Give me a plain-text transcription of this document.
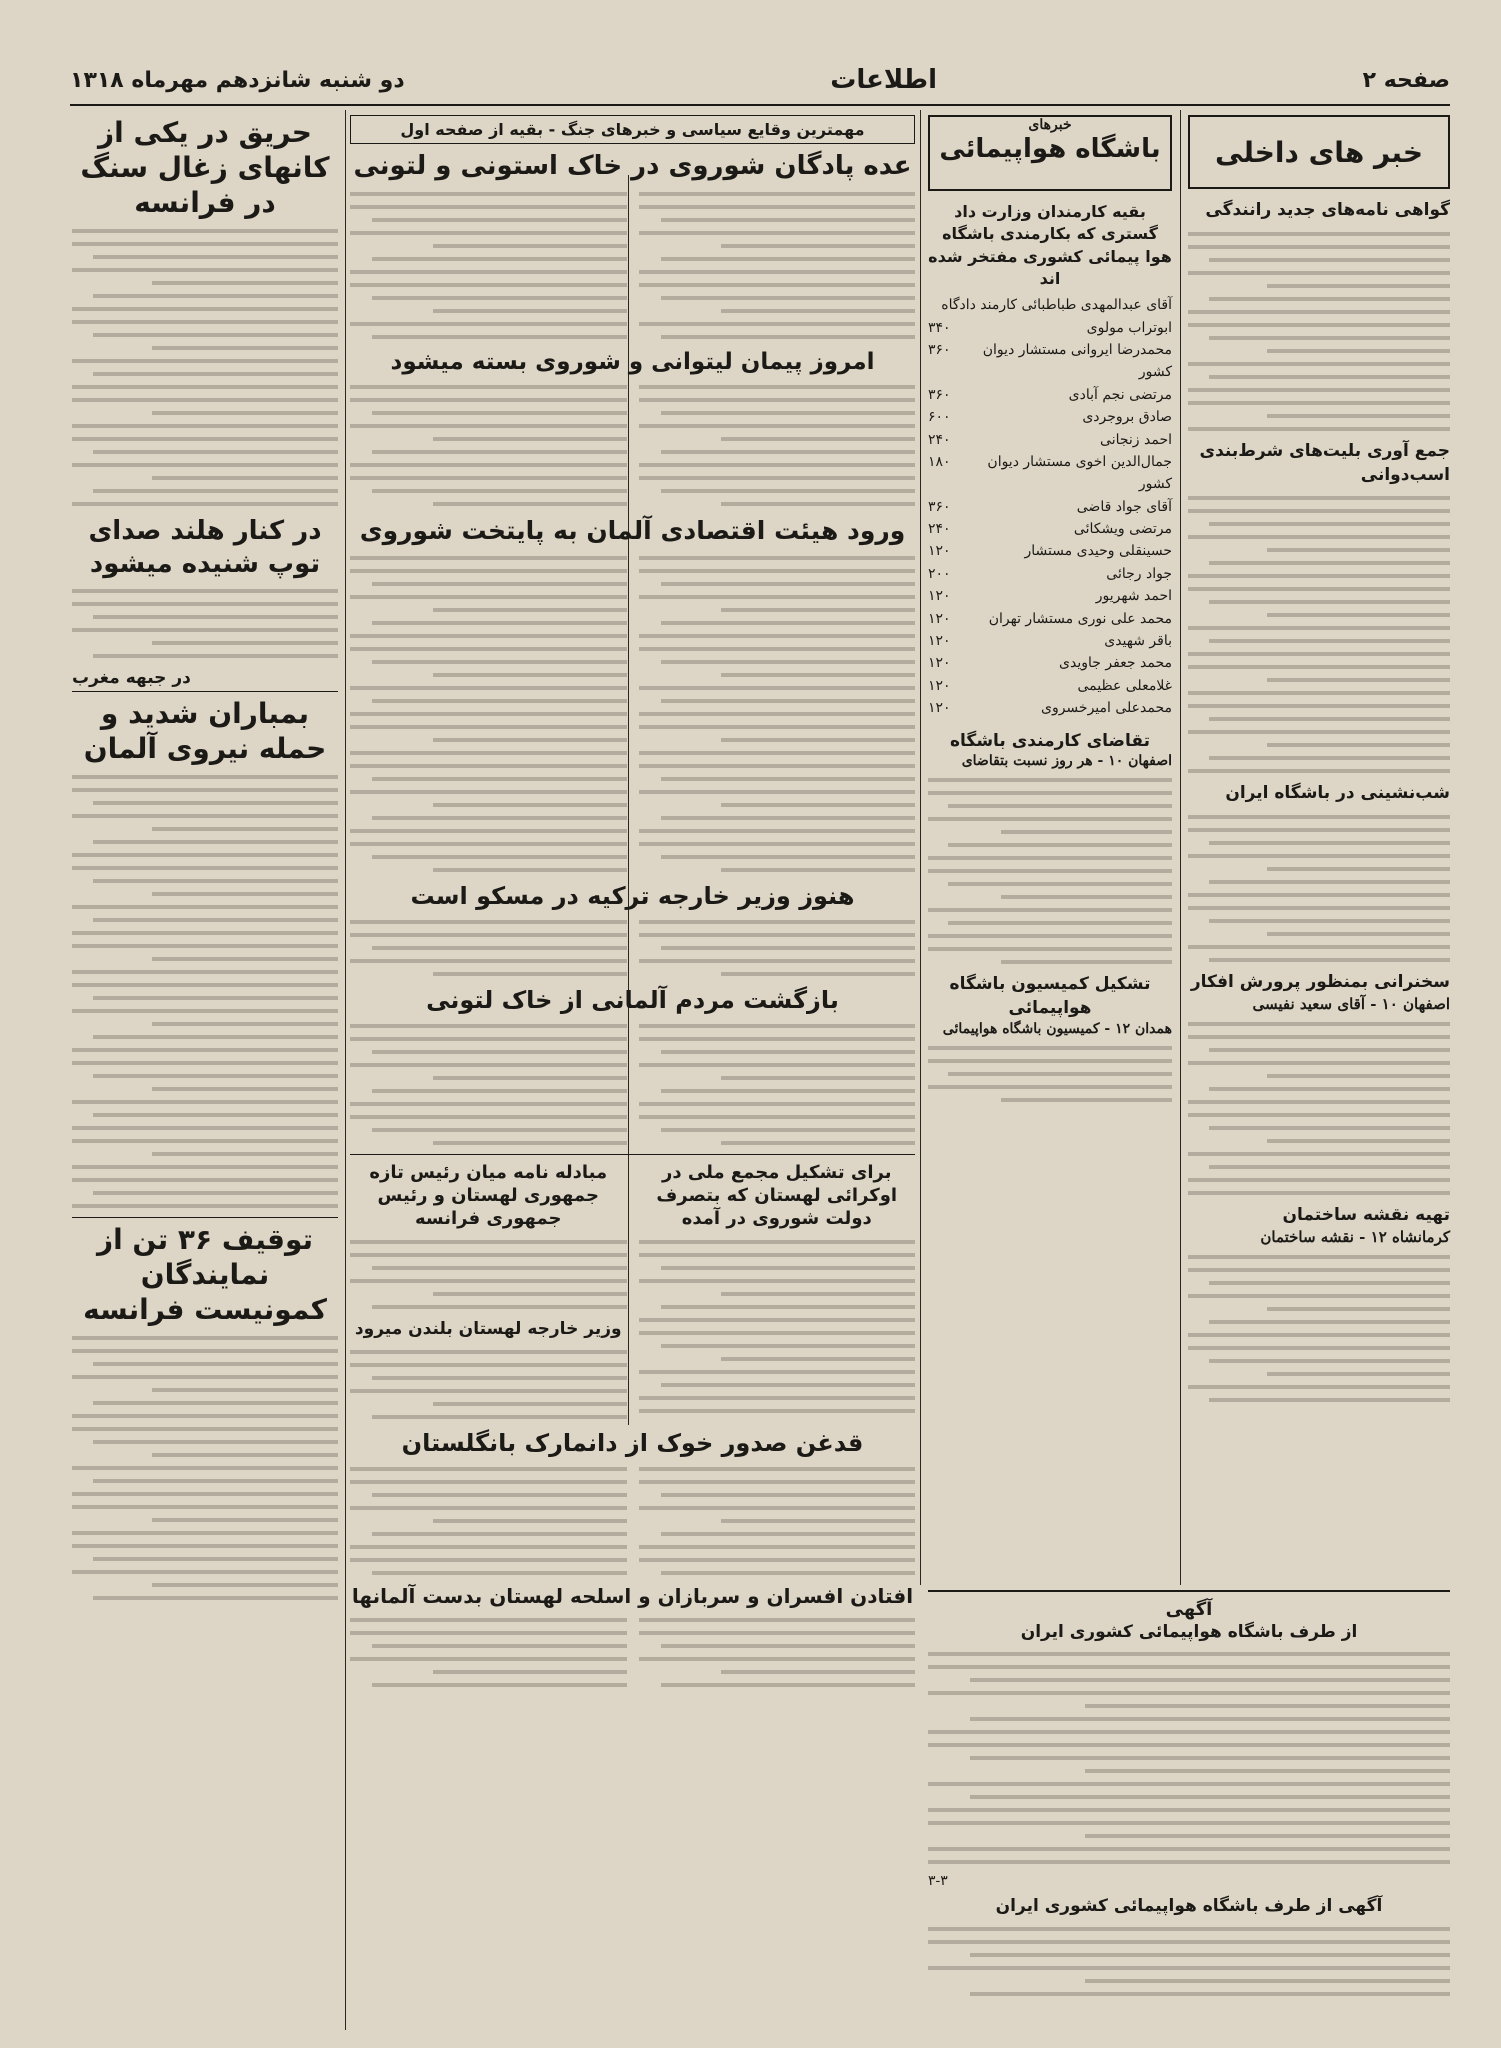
صفحه ۲
اطلاعات
دو شنبه شانزدهم مهرماه ۱۳۱۸
خبر های داخلی
گواهی نامه‌های جدید رانندگی
جمع آوری بلیت‌های شرط‌بندی اسب‌دوانی
شب‌نشینی در باشگاه ایران
سخنرانی بمنظور پرورش افکار
اصفهان ۱۰ - آقای سعید نفیسی
تهیه نقشه ساختمان
کرمانشاه ۱۲ - نقشه ساختمان
خبرهای
باشگاه هواپیمائی
بقیه کارمندان وزارت داد گستری که بکارمندی باشگاه هوا پیمائی کشوری مفتخر شده اند
آقای عبدالمهدی طباطبائی کارمند دادگاه
ابوتراب مولوی
۳۴۰
محمدرضا ایروانی مستشار دیوان کشور
۳۶۰
مرتضی نجم آبادی
۳۶۰
صادق بروجردی
۶۰۰
احمد زنجانی
۲۴۰
جمال‌الدین اخوی مستشار دیوان کشور
۱۸۰
آقای جواد قاضی
۳۶۰
مرتضی ویشکائی
۲۴۰
حسینقلی وحیدی مستشار
۱۲۰
جواد رجائی
۲۰۰
احمد شهریور
۱۲۰
محمد علی نوری مستشار تهران
۱۲۰
باقر شهیدی
۱۲۰
محمد جعفر جاویدی
۱۲۰
غلامعلی عظیمی
۱۲۰
محمدعلی امیرخسروی
۱۲۰
تقاضای کارمندی باشگاه
اصفهان ۱۰ - هر روز نسبت بتقاضای
تشکیل کمیسیون باشگاه هواپیمائی
همدان ۱۲ - کمیسیون باشگاه هواپیمائی
مهمترین وقایع سیاسی و خبرهای جنگ - بقیه از صفحه اول
عده پادگان شوروی در خاک استونی و لتونی
امروز پیمان لیتوانی و شوروی بسته میشود
ورود هیئت اقتصادی آلمان به پایتخت شوروی
هنوز وزیر خارجه ترکیه در مسکو است
بازگشت مردم آلمانی از خاک لتونی
برای تشکیل مجمع ملی در اوکرائی لهستان که بتصرف دولت شوروی در آمده
مبادله نامه میان رئیس تازه جمهوری لهستان و رئیس جمهوری فرانسه
وزیر خارجه لهستان بلندن میرود
قدغن صدور خوک از دانمارک بانگلستان
افتادن افسران و سربازان و اسلحه لهستان بدست آلمانها
آگهی
از طرف باشگاه هواپیمائی کشوری ایران
۳-۳
آگهی از طرف باشگاه هواپیمائی کشوری ایران
حریق در یکی از کانهای زغال سنگ در فرانسه
در کنار هلند صدای توپ شنیده میشود
در جبهه مغرب
بمباران شدید و حمله نیروی آلمان
توقیف ۳۶ تن از نمایندگان کمونیست فرانسه
